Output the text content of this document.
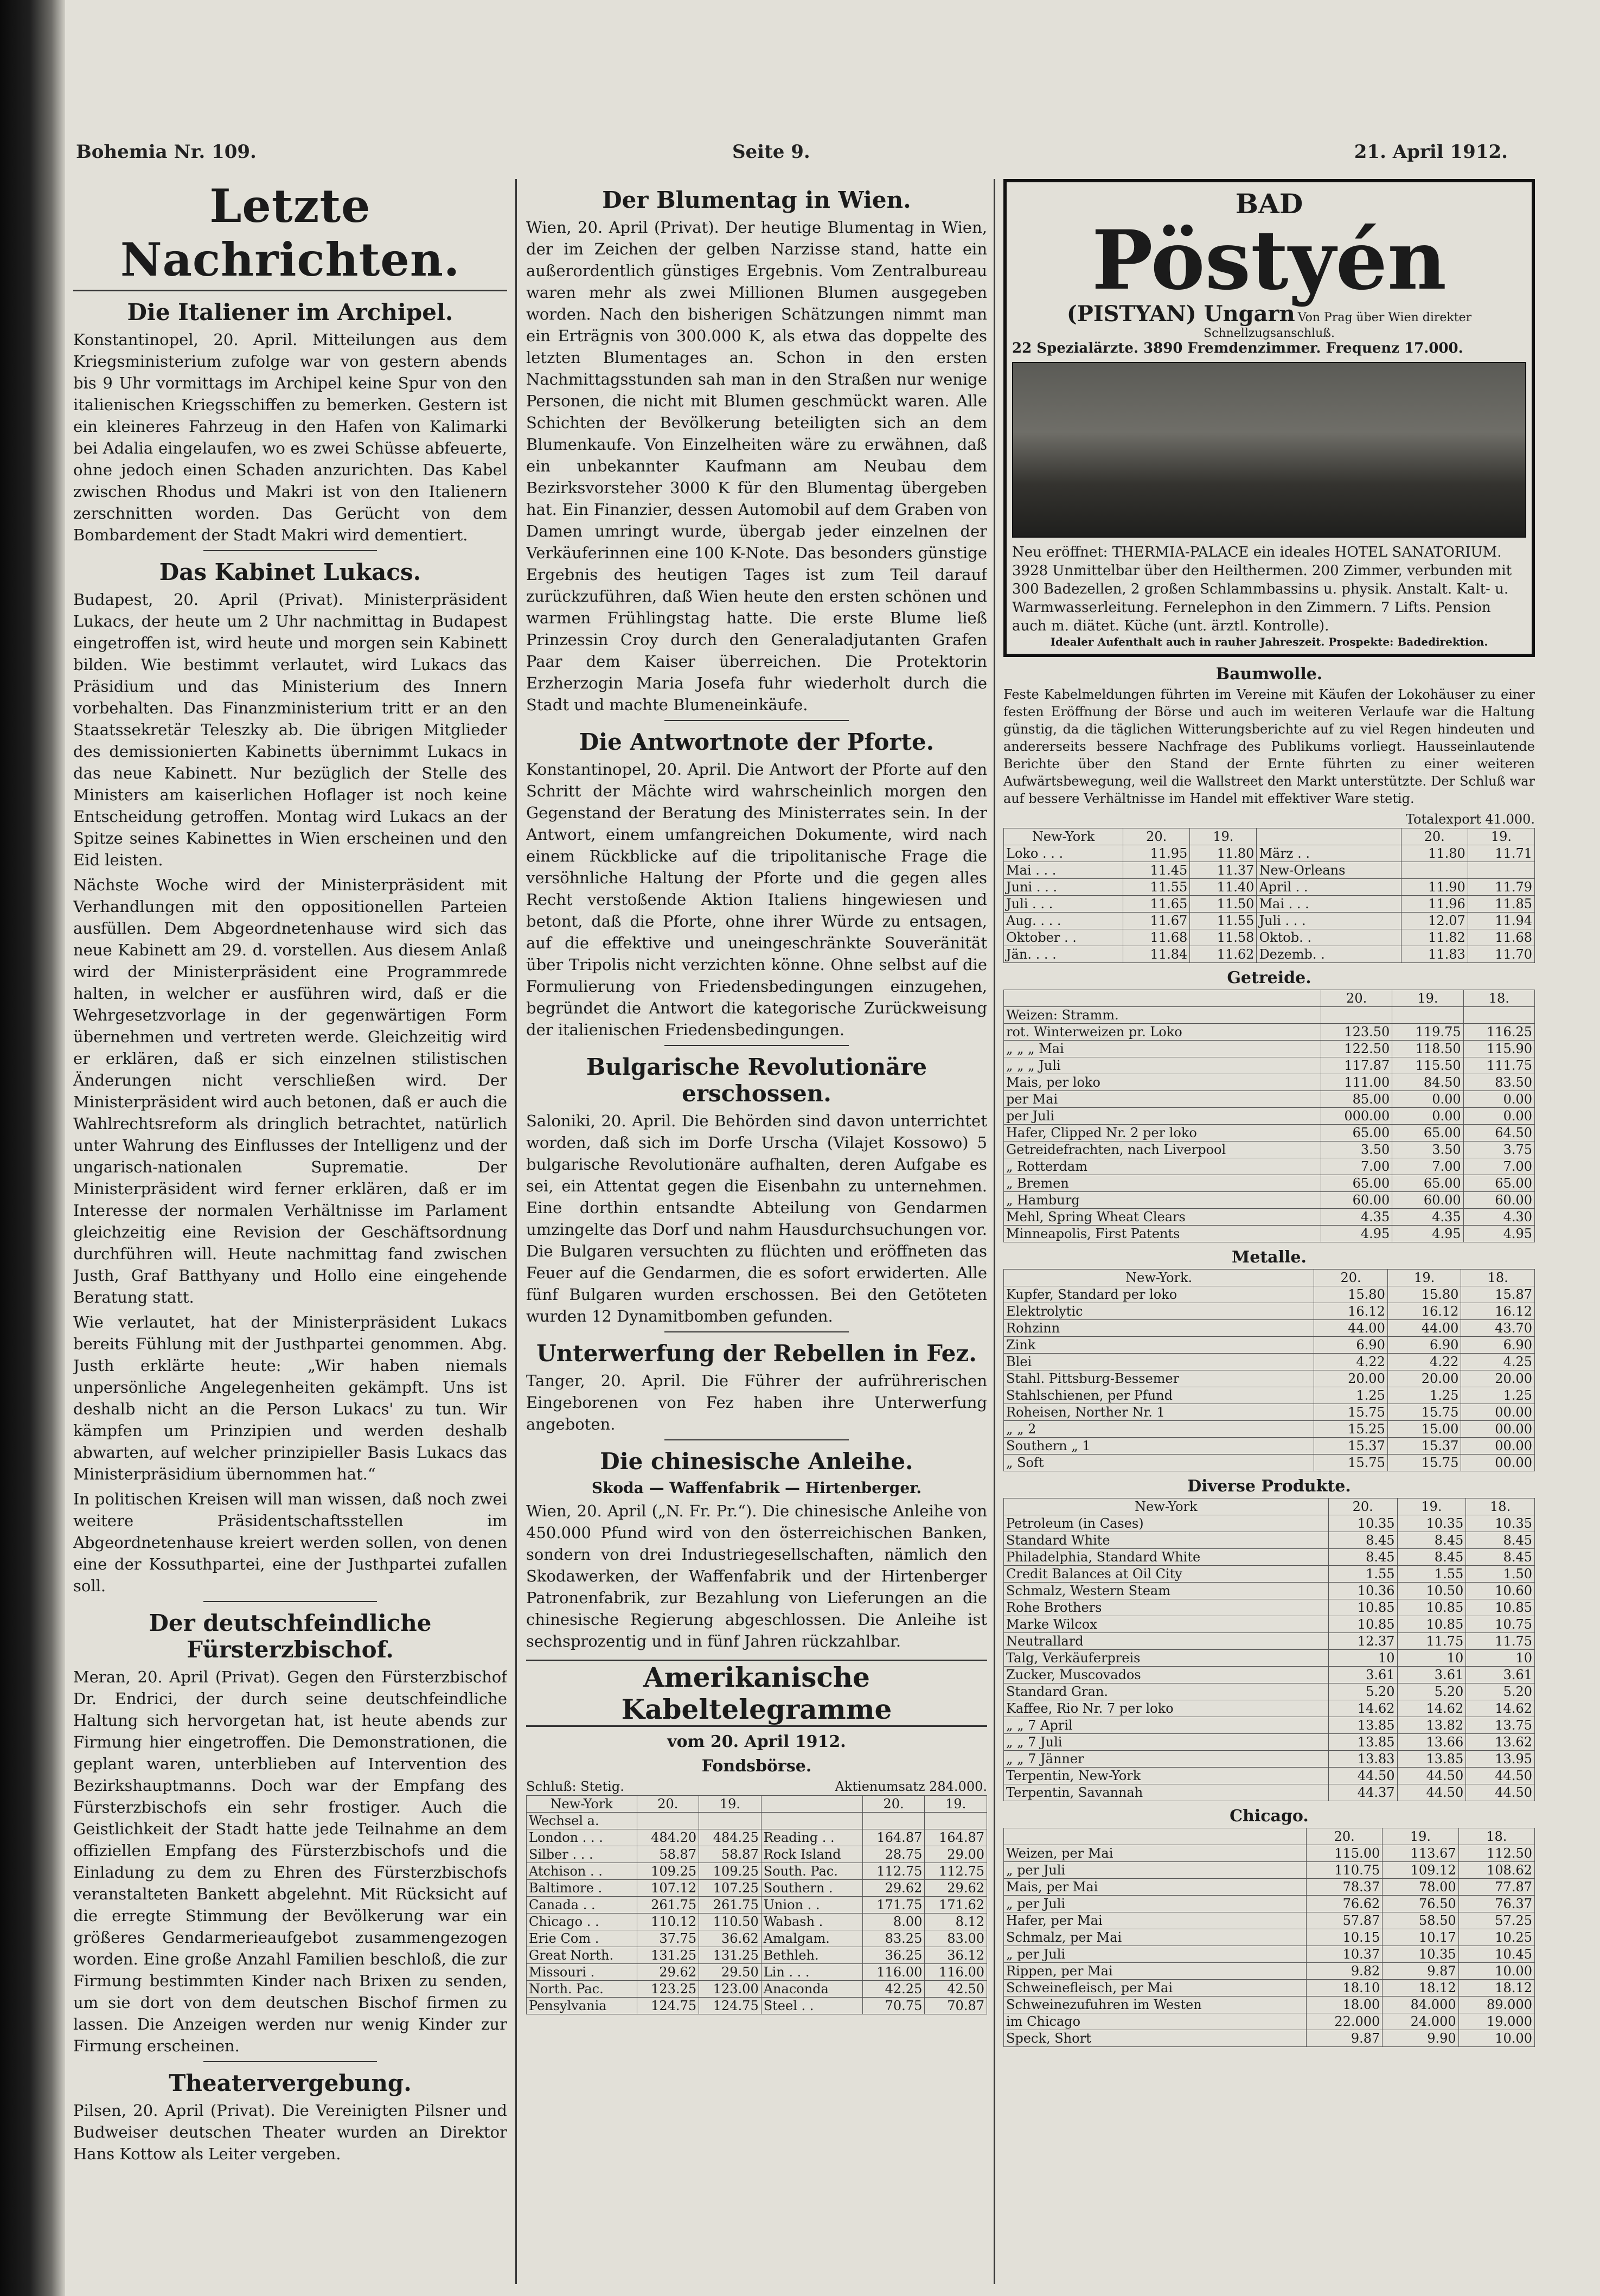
Bohemia Nr. 109.	Seite 9.	21. April 1912.
Letzte Nachrichten.
Die Italiener im Archipel.

Konstantinopel, 20. April. Mitteilungen aus dem Kriegsministerium zufolge war von gestern abends bis 9 Uhr vormittags im Archipel keine Spur von den italienischen Kriegsschiffen zu bemerken. Gestern ist ein kleineres Fahrzeug in den Hafen von Kalimarki bei Adalia eingelaufen, wo es zwei Schüsse abfeuerte, ohne jedoch einen Schaden anzurichten. Das Kabel zwischen Rhodus und Makri ist von den Italienern zerschnitten worden. Das Gerücht von dem Bombardement der Stadt Makri wird dementiert.

Das Kabinet Lukacs.

Budapest, 20. April (Privat). Ministerpräsident Lukacs, der heute um 2 Uhr nachmittag in Budapest eingetroffen ist, wird heute und morgen sein Kabinett bilden. Wie bestimmt verlautet, wird Lukacs das Präsidium und das Ministerium des Innern vorbehalten. Das Finanzministerium tritt er an den Staatssekretär Teleszky ab. Die übrigen Mitglieder des demissionierten Kabinetts übernimmt Lukacs in das neue Kabinett. Nur bezüglich der Stelle des Ministers am kaiserlichen Hoflager ist noch keine Entscheidung getroffen. Montag wird Lukacs an der Spitze seines Kabinettes in Wien erscheinen und den Eid leisten.

Nächste Woche wird der Ministerpräsident mit Verhandlungen mit den oppositionellen Parteien ausfüllen. Dem Abgeordnetenhause wird sich das neue Kabinett am 29. d. vorstellen. Aus diesem Anlaß wird der Ministerpräsident eine Programmrede halten, in welcher er ausführen wird, daß er die Wehrgesetzvorlage in der gegenwärtigen Form übernehmen und vertreten werde. Gleichzeitig wird er erklären, daß er sich einzelnen stilistischen Änderungen nicht verschließen wird. Der Ministerpräsident wird auch betonen, daß er auch die Wahlrechtsreform als dringlich betrachtet, natürlich unter Wahrung des Einflusses der Intelligenz und der ungarisch-nationalen Suprematie. Der Ministerpräsident wird ferner erklären, daß er im Interesse der normalen Verhältnisse im Parlament gleichzeitig eine Revision der Geschäftsordnung durchführen will. Heute nachmittag fand zwischen Justh, Graf Batthyany und Hollo eine eingehende Beratung statt.

Wie verlautet, hat der Ministerpräsident Lukacs bereits Fühlung mit der Justhpartei genommen. Abg. Justh erklärte heute: „Wir haben niemals unpersönliche Angelegenheiten gekämpft. Uns ist deshalb nicht an die Person Lukacs' zu tun. Wir kämpfen um Prinzipien und werden deshalb abwarten, auf welcher prinzipieller Basis Lukacs das Ministerpräsidium übernommen hat.“

In politischen Kreisen will man wissen, daß noch zwei weitere Präsidentschaftsstellen im Abgeordnetenhause kreiert werden sollen, von denen eine der Kossuthpartei, eine der Justhpartei zufallen soll.

Der deutschfeindliche Fürsterzbischof.

Meran, 20. April (Privat). Gegen den Fürsterzbischof Dr. Endrici, der durch seine deutschfeindliche Haltung sich hervorgetan hat, ist heute abends zur Firmung hier eingetroffen. Die Demonstrationen, die geplant waren, unterblieben auf Intervention des Bezirkshauptmanns. Doch war der Empfang des Fürsterzbischofs ein sehr frostiger. Auch die Geistlichkeit der Stadt hatte jede Teilnahme an dem offiziellen Empfang des Fürsterzbischofs und die Einladung zu dem zu Ehren des Fürsterzbischofs veranstalteten Bankett abgelehnt. Mit Rücksicht auf die erregte Stimmung der Bevölkerung war ein größeres Gendarmerieaufgebot zusammengezogen worden. Eine große Anzahl Familien beschloß, die zur Firmung bestimmten Kinder nach Brixen zu senden, um sie dort von dem deutschen Bischof firmen zu lassen. Die Anzeigen werden nur wenig Kinder zur Firmung erscheinen.

Theatervergebung.

Pilsen, 20. April (Privat). Die Vereinigten Pilsner und Budweiser deutschen Theater wurden an Direktor Hans Kottow als Leiter vergeben.

Der Blumentag in Wien.

Wien, 20. April (Privat). Der heutige Blumentag in Wien, der im Zeichen der gelben Narzisse stand, hatte ein außerordentlich günstiges Ergebnis. Vom Zentralbureau waren mehr als zwei Millionen Blumen ausgegeben worden. Nach den bisherigen Schätzungen nimmt man ein Erträgnis von 300.000 K, als etwa das doppelte des letzten Blumentages an. Schon in den ersten Nachmittagsstunden sah man in den Straßen nur wenige Personen, die nicht mit Blumen geschmückt waren. Alle Schichten der Bevölkerung beteiligten sich an dem Blumenkaufe. Von Einzelheiten wäre zu erwähnen, daß ein unbekannter Kaufmann am Neubau dem Bezirksvorsteher 3000 K für den Blumentag übergeben hat. Ein Finanzier, dessen Automobil auf dem Graben von Damen umringt wurde, übergab jeder einzelnen der Verkäuferinnen eine 100 K-Note. Das besonders günstige Ergebnis des heutigen Tages ist zum Teil darauf zurückzuführen, daß Wien heute den ersten schönen und warmen Frühlingstag hatte. Die erste Blume ließ Prinzessin Croy durch den Generaladjutanten Grafen Paar dem Kaiser überreichen. Die Protektorin Erzherzogin Maria Josefa fuhr wiederholt durch die Stadt und machte Blumeneinkäufe.

Die Antwortnote der Pforte.

Konstantinopel, 20. April. Die Antwort der Pforte auf den Schritt der Mächte wird wahrscheinlich morgen den Gegenstand der Beratung des Ministerrates sein. In der Antwort, einem umfangreichen Dokumente, wird nach einem Rückblicke auf die tripolitanische Frage die versöhnliche Haltung der Pforte und die gegen alles Recht verstoßende Aktion Italiens hingewiesen und betont, daß die Pforte, ohne ihrer Würde zu entsagen, auf die effektive und uneingeschränkte Souveränität über Tripolis nicht verzichten könne. Ohne selbst auf die Formulierung von Friedensbedingungen einzugehen, begründet die Antwort die kategorische Zurückweisung der italienischen Friedensbedingungen.

Bulgarische Revolutionäre erschossen.

Saloniki, 20. April. Die Behörden sind davon unterrichtet worden, daß sich im Dorfe Urscha (Vilajet Kossowo) 5 bulgarische Revolutionäre aufhalten, deren Aufgabe es sei, ein Attentat gegen die Eisenbahn zu unternehmen. Eine dorthin entsandte Abteilung von Gendarmen umzingelte das Dorf und nahm Hausdurchsuchungen vor. Die Bulgaren versuchten zu flüchten und eröffneten das Feuer auf die Gendarmen, die es sofort erwiderten. Alle fünf Bulgaren wurden erschossen. Bei den Getöteten wurden 12 Dynamitbomben gefunden.

Unterwerfung der Rebellen in Fez.

Tanger, 20. April. Die Führer der aufrührerischen Eingeborenen von Fez haben ihre Unterwerfung angeboten.

Die chinesische Anleihe.
Skoda — Waffenfabrik — Hirtenberger.

Wien, 20. April („N. Fr. Pr.“). Die chinesische Anleihe von 450.000 Pfund wird von den österreichischen Banken, sondern von drei Industriegesellschaften, nämlich den Skodawerken, der Waffenfabrik und der Hirtenberger Patronenfabrik, zur Bezahlung von Lieferungen an die chinesische Regierung abgeschlossen. Die Anleihe ist sechsprozentig und in fünf Jahren rückzahlbar.

Amerikanische Kabeltelegramme
vom 20. April 1912.
Fondsbörse.
Schluß: Stetig.	Aktienumsatz 284.000.
New-York	20.	19.		20.	19.
Wechsel a.					
London . . .	484.20	484.25	Reading . .	164.87	164.87
Silber . . .	58.87	58.87	Rock Island	28.75	29.00
Atchison . .	109.25	109.25	South. Pac.	112.75	112.75
Baltimore .	107.12	107.25	Southern .	29.62	29.62
Canada . .	261.75	261.75	Union . .	171.75	171.62
Chicago . .	110.12	110.50	Wabash .	8.00	8.12
Erie Com .	37.75	36.62	Amalgam.	83.25	83.00
Great North.	131.25	131.25	Bethleh.	36.25	36.12
Missouri .	29.62	29.50	Lin . . .	116.00	116.00
North. Pac.	123.25	123.00	Anaconda	42.25	42.50
Pensylvania	124.75	124.75	Steel . .	70.75	70.87
BAD
Pöstyén
(PISTYAN) Ungarn Von Prag über Wien direkter Schnellzugsanschluß.
22 Spezialärzte. 3890 Fremdenzimmer. Frequenz 17.000.
Neu eröffnet: THERMIA-PALACE ein ideales HOTEL SANATORIUM. 3928 Unmittelbar über den Heilthermen. 200 Zimmer, verbunden mit 300 Badezellen, 2 großen Schlammbassins u. physik. Anstalt. Kalt- u. Warmwasserleitung. Fernelephon in den Zimmern. 7 Lifts. Pension auch m. diätet. Küche (unt. ärztl. Kontrolle).
Idealer Aufenthalt auch in rauher Jahreszeit. Prospekte: Badedirektion.
Baumwolle.

Feste Kabelmeldungen führten im Vereine mit Käufen der Lokohäuser zu einer festen Eröffnung der Börse und auch im weiteren Verlaufe war die Haltung günstig, da die täglichen Witterungsberichte auf zu viel Regen hindeuten und andererseits bessere Nachfrage des Publikums vorliegt. Hausseinlautende Berichte über den Stand der Ernte führten zu einer weiteren Aufwärtsbewegung, weil die Wallstreet den Markt unterstützte. Der Schluß war auf bessere Verhältnisse im Handel mit effektiver Ware stetig.

Totalexport 41.000.
New-York	20.	19.		20.	19.
Loko . . .	11.95	11.80	März . .	11.80	11.71
Mai . . .	11.45	11.37	New-Orleans		
Juni . . .	11.55	11.40	April . .	11.90	11.79
Juli . . .	11.65	11.50	Mai . . .	11.96	11.85
Aug. . . .	11.67	11.55	Juli . . .	12.07	11.94
Oktober . .	11.68	11.58	Oktob. .	11.82	11.68
Jän. . . .	11.84	11.62	Dezemb. .	11.83	11.70
Getreide.
	20.	19.	18.
Weizen: Stramm.			
rot. Winterweizen pr. Loko	123.50	119.75	116.25
„ „ „ Mai	122.50	118.50	115.90
„ „ „ Juli	117.87	115.50	111.75
Mais, per loko	111.00	84.50	83.50
per Mai	85.00	0.00	0.00
per Juli	000.00	0.00	0.00
Hafer, Clipped Nr. 2 per loko	65.00	65.00	64.50
Getreidefrachten, nach Liverpool	3.50	3.50	3.75
„ Rotterdam	7.00	7.00	7.00
„ Bremen	65.00	65.00	65.00
„ Hamburg	60.00	60.00	60.00
Mehl, Spring Wheat Clears	4.35	4.35	4.30
Minneapolis, First Patents	4.95	4.95	4.95
Metalle.
New-York.	20.	19.	18.
Kupfer, Standard per loko	15.80	15.80	15.87
Elektrolytic	16.12	16.12	16.12
Rohzinn	44.00	44.00	43.70
Zink	6.90	6.90	6.90
Blei	4.22	4.22	4.25
Stahl. Pittsburg-Bessemer	20.00	20.00	20.00
Stahlschienen, per Pfund	1.25	1.25	1.25
Roheisen, Norther Nr. 1	15.75	15.75	00.00
„ „ 2	15.25	15.00	00.00
Southern „ 1	15.37	15.37	00.00
„ Soft	15.75	15.75	00.00
Diverse Produkte.
New-York	20.	19.	18.
Petroleum (in Cases)	10.35	10.35	10.35
Standard White	8.45	8.45	8.45
Philadelphia, Standard White	8.45	8.45	8.45
Credit Balances at Oil City	1.55	1.55	1.50
Schmalz, Western Steam	10.36	10.50	10.60
Rohe Brothers	10.85	10.85	10.85
Marke Wilcox	10.85	10.85	10.75
Neutrallard	12.37	11.75	11.75
Talg, Verkäuferpreis	10	10	10
Zucker, Muscovados	3.61	3.61	3.61
Standard Gran.	5.20	5.20	5.20
Kaffee, Rio Nr. 7 per loko	14.62	14.62	14.62
„ „ 7 April	13.85	13.82	13.75
„ „ 7 Juli	13.85	13.66	13.62
„ „ 7 Jänner	13.83	13.85	13.95
Terpentin, New-York	44.50	44.50	44.50
Terpentin, Savannah	44.37	44.50	44.50
Chicago.
	20.	19.	18.
Weizen, per Mai	115.00	113.67	112.50
„ per Juli	110.75	109.12	108.62
Mais, per Mai	78.37	78.00	77.87
„ per Juli	76.62	76.50	76.37
Hafer, per Mai	57.87	58.50	57.25
Schmalz, per Mai	10.15	10.17	10.25
„ per Juli	10.37	10.35	10.45
Rippen, per Mai	9.82	9.87	10.00
Schweinefleisch, per Mai	18.10	18.12	18.12
Schweinezufuhren im Westen	18.00	84.000	89.000
im Chicago	22.000	24.000	19.000
Speck, Short	9.87	9.90	10.00
